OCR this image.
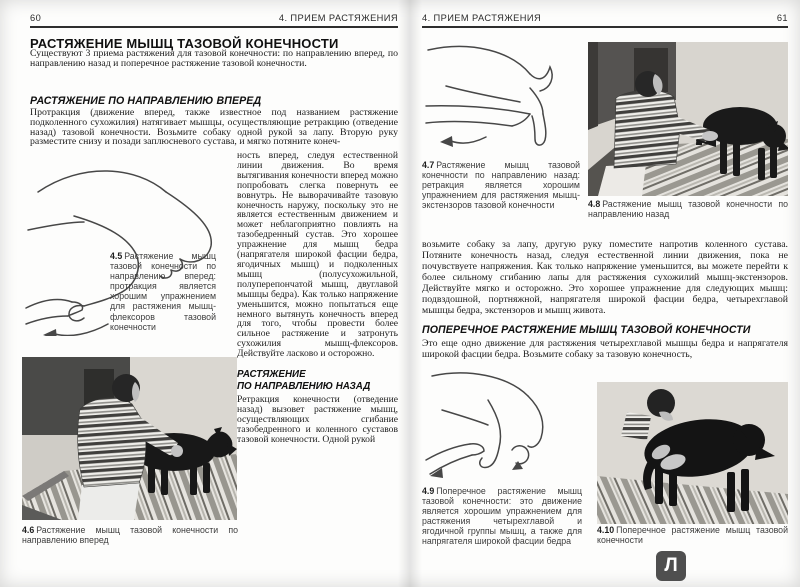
60	4. ПРИЕМ РАСТЯЖЕНИЯ
РАСТЯЖЕНИЕ МЫШЦ ТАЗОВОЙ КОНЕЧНОСТИ

Существуют 3 приема растяжения для тазовой конечности: по направлению вперед, по направлению назад и поперечное растяжение тазовой конечности.

РАСТЯЖЕНИЕ ПО НАПРАВЛЕНИЮ ВПЕРЕД

Протракция (движение вперед, также известное под названием растяжение подколенного сухожилия) натягивает мышцы, осуществляющие ретракцию (отведение назад) тазовой конечности. Возьмите собаку одной рукой за лапу. Вторую руку разместите снизу и позади заплюсневого сустава, и мягко потяните конеч-

4.5 Растяжение мышц тазовой конечности по направлению вперед: протракция является хорошим упражнением для растяжения мышц-флексоров тазовой конечности
4.6 Растяжение мышц тазовой конечности по направлению вперед

ность вперед, следуя естественной линии движения. Во время вытягивания конечности вперед можно попробовать слегка повернуть ее вовнутрь. Не выворачивайте тазовую конечность наружу, поскольку это не является естественным движением и может неблагоприятно повлиять на тазобедренный сустав. Это хорошее упражнение для мышц бедра (напрягателя широкой фасции бедра, ягодичных мышц) и подколенных мышц (полусухожильной, полуперепончатой мышц, двуглавой мышцы бедра). Как только напряжение уменьшится, можно попытаться еще немного вытянуть конечность вперед для того, чтобы провести более сильное растяжение и затронуть сухожилия мышц-флексоров. Действуйте ласково и осторожно.

РАСТЯЖЕНИЕ
ПО НАПРАВЛЕНИЮ НАЗАД

Ретракция конечности (отведение назад) вызовет растяжение мышц, осуществляющих сгибание тазобедренного и коленного суставов тазовой конечности. Одной рукой

4. ПРИЕМ РАСТЯЖЕНИЯ	61
4.7 Растяжение мышц тазовой конечности по направлению назад: ретракция является хорошим упражнением для растяжения мышц-экстензоров тазовой конечности	4.8 Растяжение мышц тазовой конечности по направлению назад

возьмите собаку за лапу, другую руку поместите напротив коленного сустава. Потяните конечность назад, следуя естественной линии движения, пока не почувствуете напряжения. Как только напряжение уменьшится, вы можете перейти к более сильному сгибанию лапы для растяжения сухожилий мышц-экстензоров. Действуйте мягко и осторожно. Это хорошее упражнение для следующих мышц: подвздошной, портняжной, напрягателя широкой фасции бедра, четырехглавой мышцы бедра, экстензоров и мышц живота.

ПОПЕРЕЧНОЕ РАСТЯЖЕНИЕ МЫШЦ ТАЗОВОЙ КОНЕЧНОСТИ

Это еще одно движение для растяжения четырехглавой мышцы бедра и напрягателя широкой фасции бедра. Возьмите собаку за тазовую конечность,

4.9 Поперечное растяжение мышц тазовой конечности: это движение является хорошим упражнением для растяжения четырехглавой и ягодичной группы мышц, а также для напрягателя широкой фасции бедра
4.10 Поперечное растяжение мышц тазовой конечности
Л
